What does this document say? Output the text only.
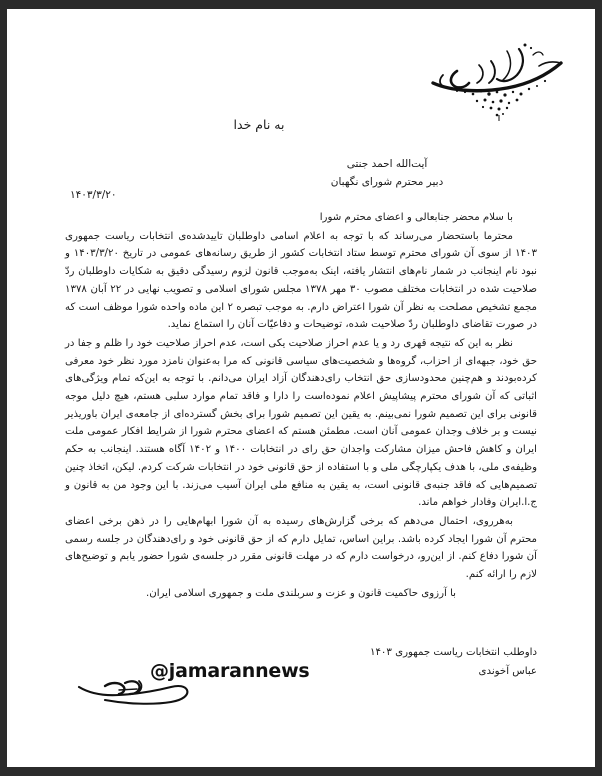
به نام خدا
آیت‌الله احمد جنتی
دبیر محترم شورای نگهبان
۱۴۰۳/۳/۲۰

با سلام محضر جنابعالی و اعضای محترم شورا

محترما باستحضار می‌رساند که با توجه به اعلام اسامی داوطلبان تاییدشده‌ی انتخابات ریاست جمهوری ۱۴۰۳ از سوی آن شورای محترم توسط ستاد انتخابات کشور از طریق رسانه‌های عمومی در تاریخ ۱۴۰۳/۳/۲۰ و نبود نام اینجانب در شمار نام‌های انتشار یافته، اینک به‌موجب قانون لزوم رسیدگی دقیق به شکایات داوطلبان ردّ صلاحیت شده در انتخابات مختلف مصوب ۳۰ مهر ۱۳۷۸ مجلس شورای اسلامی و تصویب نهایی در ۲۲ آبان ۱۳۷۸ مجمع تشخیص مصلحت به نظر آن شورا اعتراض دارم. به موجب تبصره ۲ این ماده واحده شورا موظف است که در صورت تقاضای داوطلبان ردّ صلاحیت شده، توضیحات و دفاعیّات آنان را استماع نماید.

نظر به این که نتیجه قهری رد و یا عدم احراز صلاحیت یکی است، عدم احراز صلاحیت خود را ظلم و جفا در حق خود، جبهه‌ای از احزاب، گروه‌ها و شخصیت‌های سیاسی قانونی که مرا به‌عنوان نامزد مورد نظر خود معرفی کرده‌بودند و هم‌چنین محدودسازی حق انتخاب رای‌دهندگان آزاد ایران می‌دانم. با توجه به این‌که تمام ویژگی‌های اثباتی که آن شورای محترم پیشاپیش اعلام نموده‌است را دارا و فاقد تمام موارد سلبی هستم، هیچ دلیل موجه قانونی برای این تصمیم شورا نمی‌بینم. به یقین این تصمیم شورا برای بخش گسترده‌ای از جامعه‌ی ایران باوریذیر نیست و بر خلاف وجدان عمومی آنان است. مطمئن هستم که اعضای محترم شورا از شرایط افکار عمومی ملت ایران و کاهش فاحش میزان مشارکت واجدان حق رای در انتخابات ۱۴۰۰ و ۱۴۰۲ آگاه هستند. اینجانب به حکم وظیفه‌ی ملی، با هدف یکپارچگی ملی و با استفاده از حق قانونی خود در انتخابات شرکت کردم. لیکن، اتخاذ چنین تصمیم‌هایی که فاقد جنبه‌ی قانونی است، به یقین به منافع ملی ایران آسیب می‌زند. با این وجود من به قانون و ج.ا.ایران وفادار خواهم ماند.

به‌هرروی، احتمال می‌دهم که برخی گزارش‌های رسیده به آن شورا ابهام‌هایی را در ذهن برخی اعضای محترم آن شورا ایجاد کرده باشد. براین اساس، تمایل دارم که از حق قانونی خود و رای‌دهندگان در جلسه رسمی آن شورا دفاع کنم. از این‌رو، درخواست دارم که در مهلت قانونی مقرر در جلسه‌ی شورا حضور یابم و توضیح‌های لازم را ارائه کنم.

با آرزوی حاکمیت قانون و عزت و سربلندی ملت و جمهوری اسلامی ایران.

داوطلب انتخابات ریاست جمهوری ۱۴۰۳
عباس آخوندی
@jamarannews
